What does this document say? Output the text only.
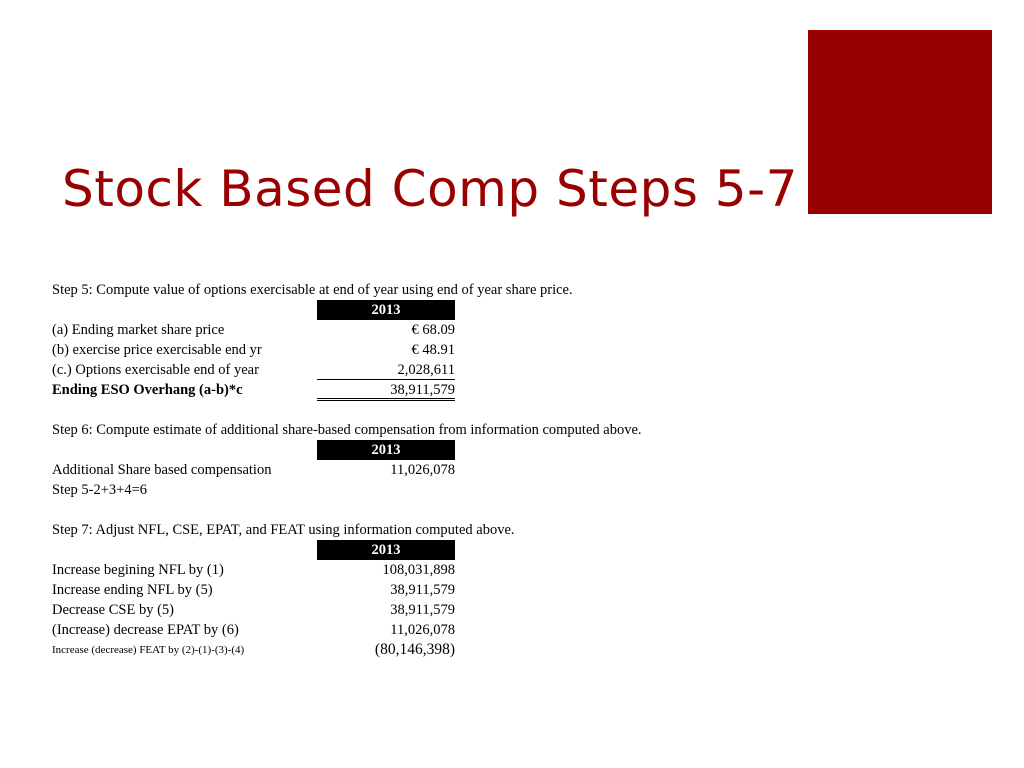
Stock Based Comp Steps 5-7
Step 5: Compute value of options exercisable at end of year using end of year share price.
2013
(a) Ending market share price	€ 68.09
(b) exercise price exercisable end yr	€ 48.91
(c.) Options exercisable end of year	2,028,611
Ending ESO Overhang (a-b)*c	38,911,579
Step 6: Compute estimate of additional share-based compensation from information computed above.
2013
Additional Share based compensation	11,026,078
Step 5-2+3+4=6
Step 7: Adjust NFL, CSE, EPAT, and FEAT using information computed above.
2013
Increase begining NFL by (1)	108,031,898
Increase ending NFL by (5)	38,911,579
Decrease CSE by (5)	38,911,579
(Increase) decrease EPAT by (6)	11,026,078
Increase (decrease) FEAT by (2)-(1)-(3)-(4)	(80,146,398)
